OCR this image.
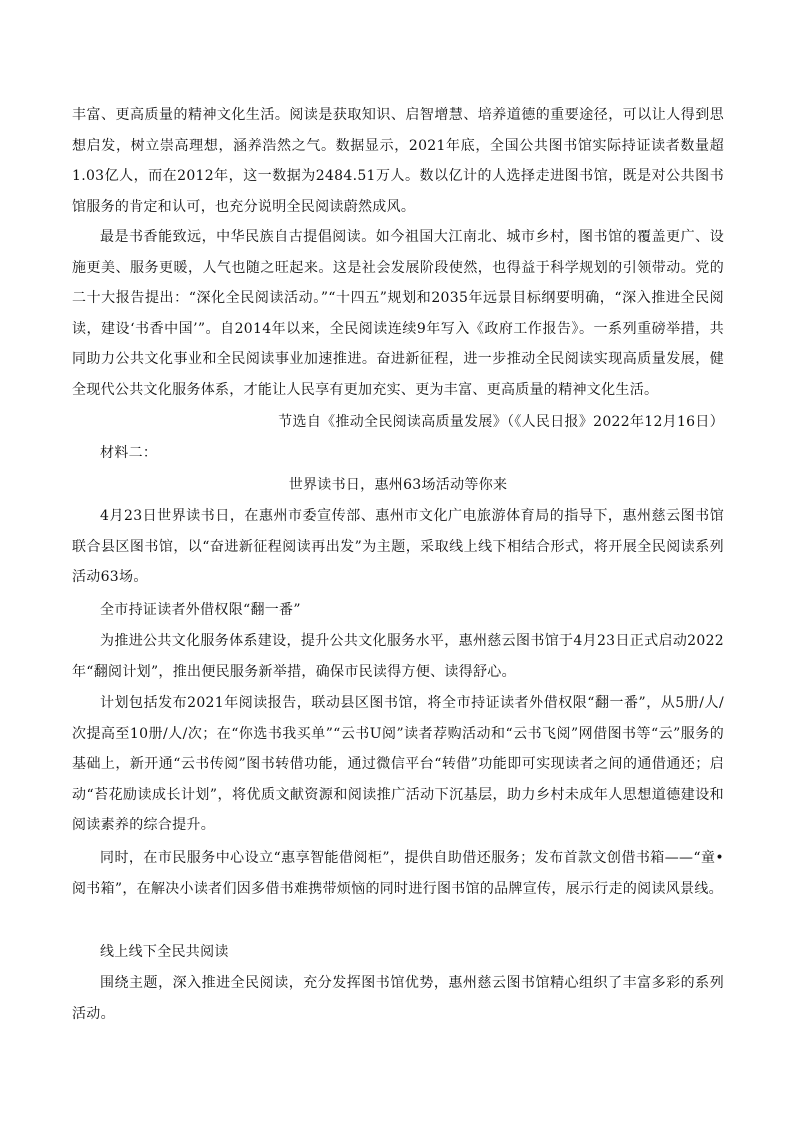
丰富、更高质量的精神文化生活。阅读是获取知识、启智增慧、培养道德的重要途径，可以让人得到思想启发，树立崇高理想，涵养浩然之气。数据显示，2021年底，全国公共图书馆实际持证读者数量超1.03亿人，而在2012年，这一数据为2484.51万人。数以亿计的人选择走进图书馆，既是对公共图书馆服务的肯定和认可，也充分说明全民阅读蔚然成风。

最是书香能致远，中华民族自古提倡阅读。如今祖国大江南北、城市乡村，图书馆的覆盖更广、设施更美、服务更暖，人气也随之旺起来。这是社会发展阶段使然，也得益于科学规划的引领带动。党的二十大报告提出：“深化全民阅读活动。”“十四五”规划和2035年远景目标纲要明确，“深入推进全民阅读，建设‘书香中国’”。自2014年以来，全民阅读连续9年写入《政府工作报告》。一系列重磅举措，共同助力公共文化事业和全民阅读事业加速推进。奋进新征程，进一步推动全民阅读实现高质量发展，健全现代公共文化服务体系，才能让人民享有更加充实、更为丰富、更高质量的精神文化生活。

节选自《推动全民阅读高质量发展》（《人民日报》2022年12月16日）

材料二：

世界读书日，惠州63场活动等你来

4月23日世界读书日，在惠州市委宣传部、惠州市文化广电旅游体育局的指导下，惠州慈云图书馆联合县区图书馆，以“奋进新征程阅读再出发”为主题，采取线上线下相结合形式，将开展全民阅读系列活动63场。

全市持证读者外借权限“翻一番”

为推进公共文化服务体系建设，提升公共文化服务水平，惠州慈云图书馆于4月23日正式启动2022年“翻阅计划”，推出便民服务新举措，确保市民读得方便、读得舒心。

计划包括发布2021年阅读报告，联动县区图书馆，将全市持证读者外借权限“翻一番”，从5册/人/次提高至10册/人/次；在“你选书我买单”“云书U阅”读者荐购活动和“云书飞阅”网借图书等“云”服务的基础上，新开通“云书传阅”图书转借功能，通过微信平台“转借”功能即可实现读者之间的通借通还；启动“苔花励读成长计划”，将优质文献资源和阅读推广活动下沉基层，助力乡村未成年人思想道德建设和阅读素养的综合提升。

同时，在市民服务中心设立“惠享智能借阅柜”，提供自助借还服务；发布首款文创借书箱——“童•阅书箱”，在解决小读者们因多借书难携带烦恼的同时进行图书馆的品牌宣传，展示行走的阅读风景线。

线上线下全民共阅读

围绕主题，深入推进全民阅读，充分发挥图书馆优势，惠州慈云图书馆精心组织了丰富多彩的系列活动。
